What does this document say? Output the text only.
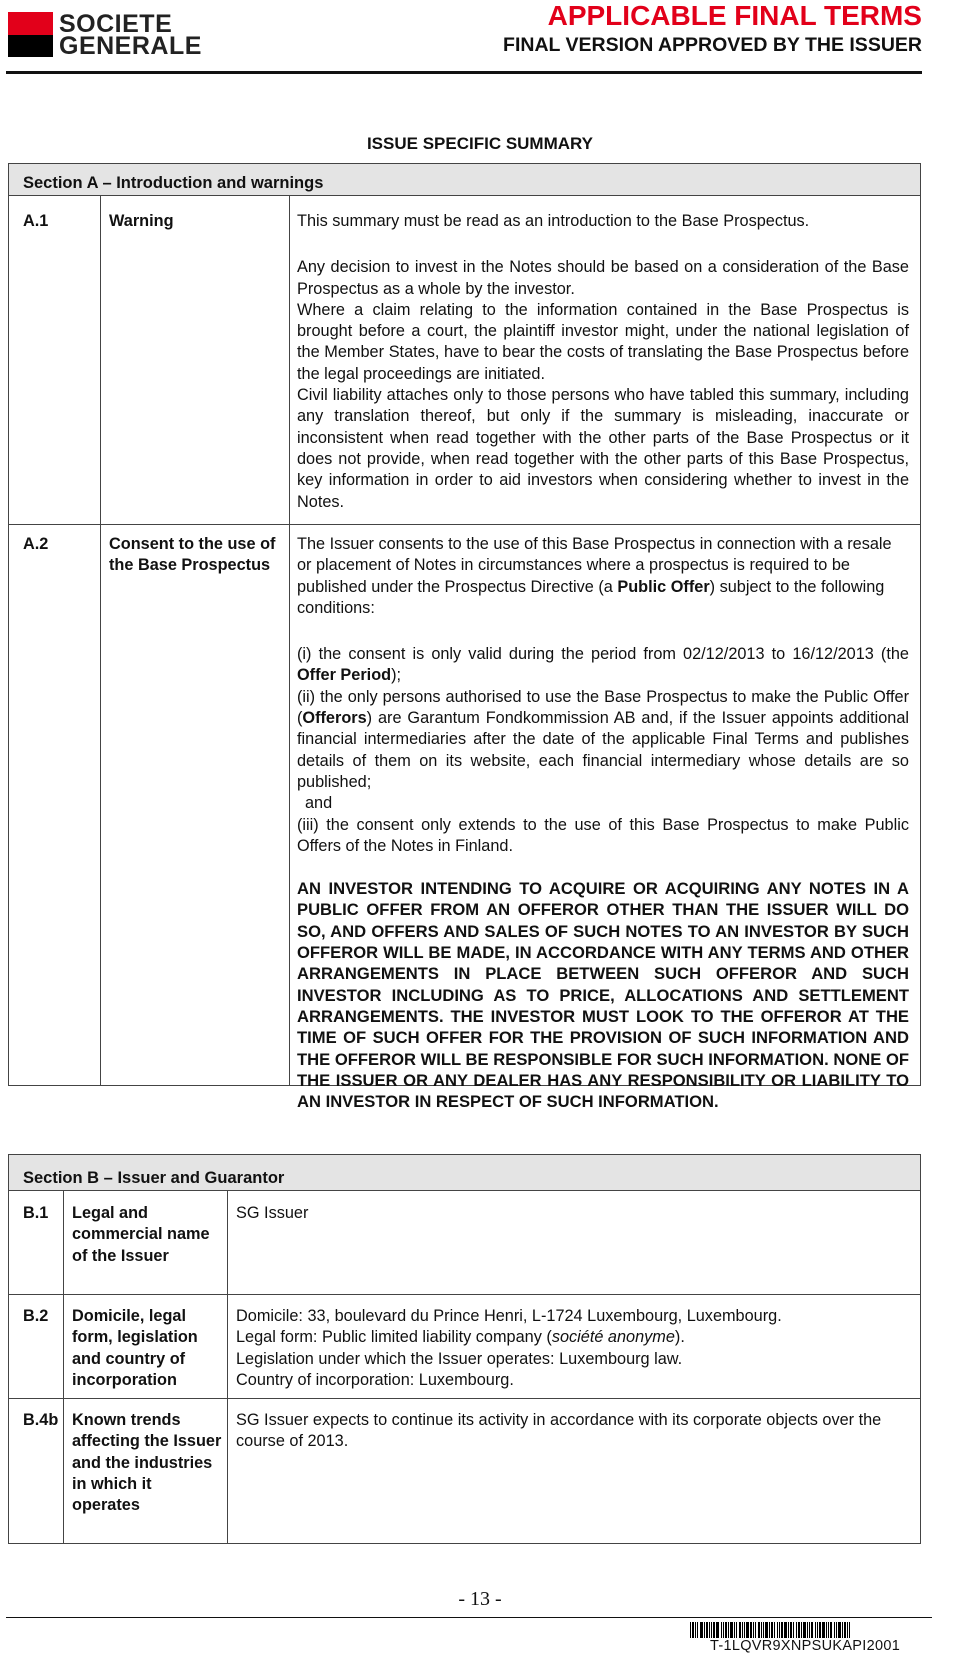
SOCIETE
GENERALE
APPLICABLE FINAL TERMS
FINAL VERSION APPROVED BY THE ISSUER
ISSUE SPECIFIC SUMMARY
Section A – Introduction and warnings
A.1	Warning	This summary must be read as an introduction to the Base Prospectus.

Any decision to invest in the Notes should be based on a consideration of the Base Prospectus as a whole by the investor.

Where a claim relating to the information contained in the Base Prospectus is brought before a court, the plaintiff investor might, under the national legislation of the Member States, have to bear the costs of translating the Base Prospectus before the legal proceedings are initiated.

Civil liability attaches only to those persons who have tabled this summary, including any translation thereof, but only if the summary is misleading, inaccurate or inconsistent when read together with the other parts of the Base Prospectus or it does not provide, when read together with the other parts of this Base Prospectus, key information in order to aid investors when considering whether to invest in the Notes.

A.2	Consent to the use of the Base Prospectus

The Issuer consents to the use of this Base Prospectus in connection with a resale or placement of Notes in circumstances where a prospectus is required to be published under the Prospectus Directive (a Public Offer) subject to the following conditions:

(i) the consent is only valid during the period from 02/12/2013 to 16/12/2013 (the Offer Period);

(ii) the only persons authorised to use the Base Prospectus to make the Public Offer (Offerors) are Garantum Fondkommission AB and, if the Issuer appoints additional financial intermediaries after the date of the applicable Final Terms and publishes details of them on its website, each financial intermediary whose details are so published;

and

(iii) the consent only extends to the use of this Base Prospectus to make Public Offers of the Notes in Finland.

AN INVESTOR INTENDING TO ACQUIRE OR ACQUIRING ANY NOTES IN A PUBLIC OFFER FROM AN OFFEROR OTHER THAN THE ISSUER WILL DO SO, AND OFFERS AND SALES OF SUCH NOTES TO AN INVESTOR BY SUCH OFFEROR WILL BE MADE, IN ACCORDANCE WITH ANY TERMS AND OTHER ARRANGEMENTS IN PLACE BETWEEN SUCH OFFEROR AND SUCH INVESTOR INCLUDING AS TO PRICE, ALLOCATIONS AND SETTLEMENT ARRANGEMENTS. THE INVESTOR MUST LOOK TO THE OFFEROR AT THE TIME OF SUCH OFFER FOR THE PROVISION OF SUCH INFORMATION AND THE OFFEROR WILL BE RESPONSIBLE FOR SUCH INFORMATION. NONE OF THE ISSUER OR ANY DEALER HAS ANY RESPONSIBILITY OR LIABILITY TO AN INVESTOR IN RESPECT OF SUCH INFORMATION.

Section B – Issuer and Guarantor
B.1 Legal and commercial name of the Issuer
SG Issuer
B.2 Domicile, legal form, legislation and country of incorporation

Domicile: 33, boulevard du Prince Henri, L-1724 Luxembourg, Luxembourg.

Legal form: Public limited liability company (société anonyme).

Legislation under which the Issuer operates: Luxembourg law.

Country of incorporation: Luxembourg.

B.4b Known trends affecting the Issuer and the industries in which it operates
SG Issuer expects to continue its activity in accordance with its corporate objects over the course of 2013.
- 13 -
T-1LQVR9XNPSUKAPI2001
